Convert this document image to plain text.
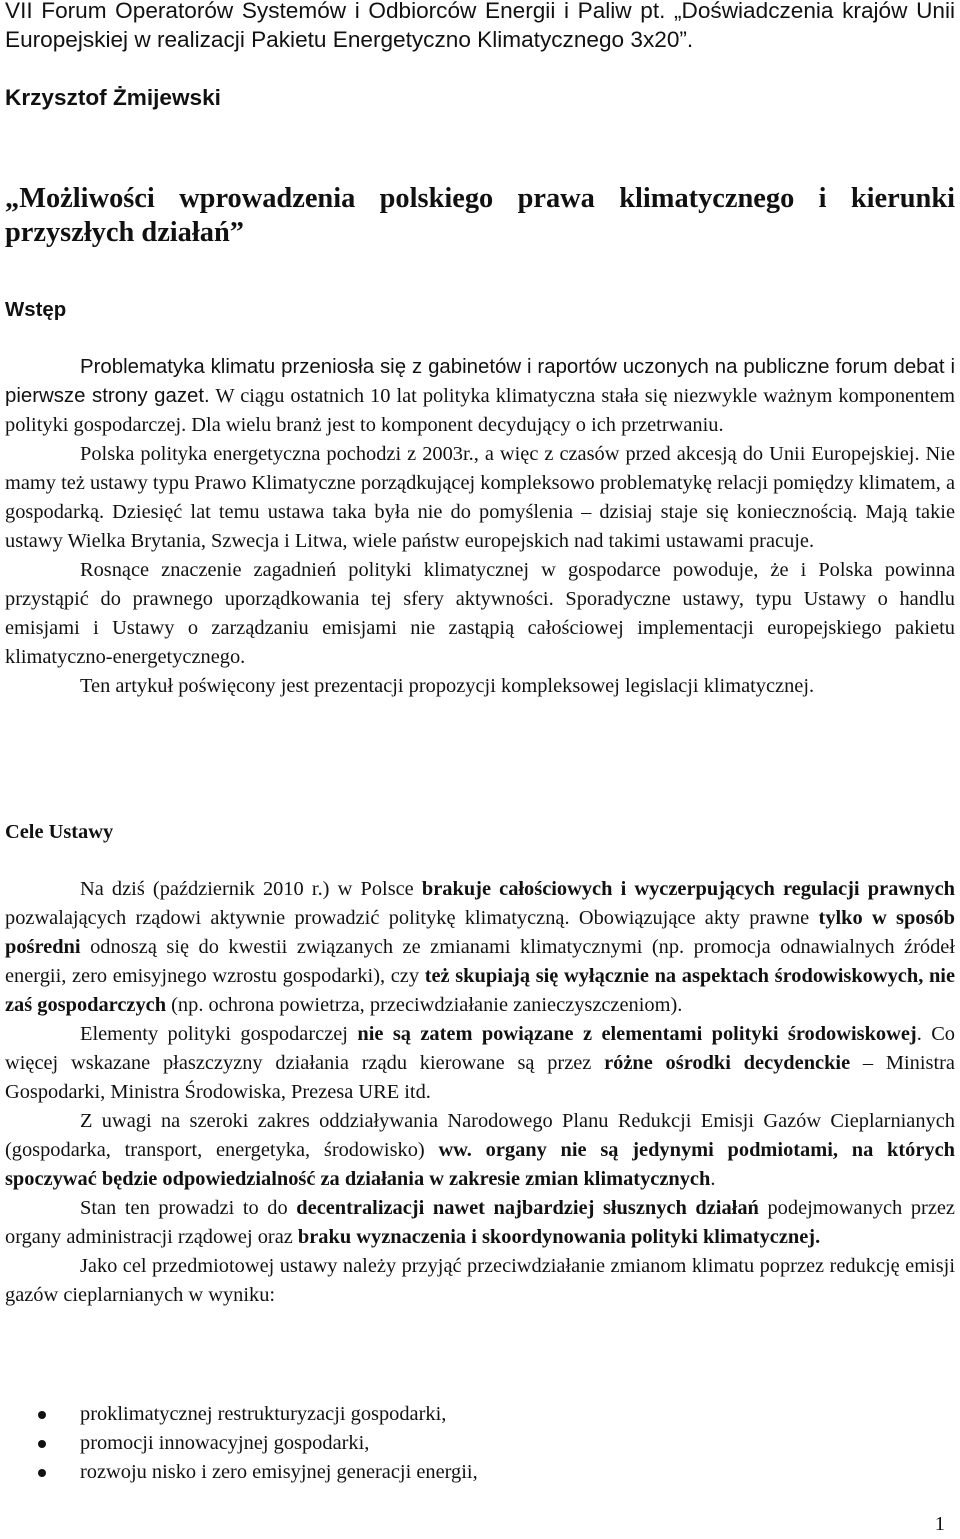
VII Forum Operatorów Systemów i Odbiorców Energii i Paliw pt. „Doświadczenia krajów Unii Europejskiej w realizacji Pakietu Energetyczno Klimatycznego 3x20”.
Krzysztof Żmijewski
„Możliwości wprowadzenia polskiego prawa klimatycznego i kierunki przyszłych działań”
Wstęp

Problematyka klimatu przeniosła się z gabinetów i raportów uczonych na publiczne forum debat i pierwsze strony gazet. W ciągu ostatnich 10 lat polityka klimatyczna stała się niezwykle ważnym komponentem polityki gospodarczej. Dla wielu branż jest to komponent decydujący o ich przetrwaniu.

Polska polityka energetyczna pochodzi z 2003r., a więc z czasów przed akcesją do Unii Europejskiej. Nie mamy też ustawy typu Prawo Klimatyczne porządkującej kompleksowo problematykę relacji pomiędzy klimatem, a gospodarką. Dziesięć lat temu ustawa taka była nie do pomyślenia – dzisiaj staje się koniecznością. Mają takie ustawy Wielka Brytania, Szwecja i Litwa, wiele państw europejskich nad takimi ustawami pracuje.

Rosnące znaczenie zagadnień polityki klimatycznej w gospodarce powoduje, że i Polska powinna przystąpić do prawnego uporządkowania tej sfery aktywności. Sporadyczne ustawy, typu Ustawy o handlu emisjami i Ustawy o zarządzaniu emisjami nie zastąpią całościowej implementacji europejskiego pakietu klimatyczno-energetycznego.

Ten artykuł poświęcony jest prezentacji propozycji kompleksowej legislacji klimatycznej.

Cele Ustawy

Na dziś (październik 2010 r.) w Polsce brakuje całościowych i wyczerpujących regulacji prawnych pozwalających rządowi aktywnie prowadzić politykę klimatyczną. Obowiązujące akty prawne tylko w sposób pośredni odnoszą się do kwestii związanych ze zmianami klimatycznymi (np. promocja odnawialnych źródeł energii, zero emisyjnego wzrostu gospodarki), czy też skupiają się wyłącznie na aspektach środowiskowych, nie zaś gospodarczych (np. ochrona powietrza, przeciwdziałanie zanieczyszczeniom).

Elementy polityki gospodarczej nie są zatem powiązane z elementami polityki środowiskowej. Co więcej wskazane płaszczyzny działania rządu kierowane są przez różne ośrodki decydenckie – Ministra Gospodarki, Ministra Środowiska, Prezesa URE itd.

Z uwagi na szeroki zakres oddziaływania Narodowego Planu Redukcji Emisji Gazów Cieplarnianych (gospodarka, transport, energetyka, środowisko) ww. organy nie są jedynymi podmiotami, na których spoczywać będzie odpowiedzialność za działania w zakresie zmian klimatycznych.

Stan ten prowadzi to do decentralizacji nawet najbardziej słusznych działań podejmowanych przez organy administracji rządowej oraz braku wyznaczenia i skoordynowania polityki klimatycznej.

Jako cel przedmiotowej ustawy należy przyjąć przeciwdziałanie zmianom klimatu poprzez redukcję emisji gazów cieplarnianych w wyniku:

proklimatycznej restrukturyzacji gospodarki,
promocji innowacyjnej gospodarki,
rozwoju nisko i zero emisyjnej generacji energii,
1
